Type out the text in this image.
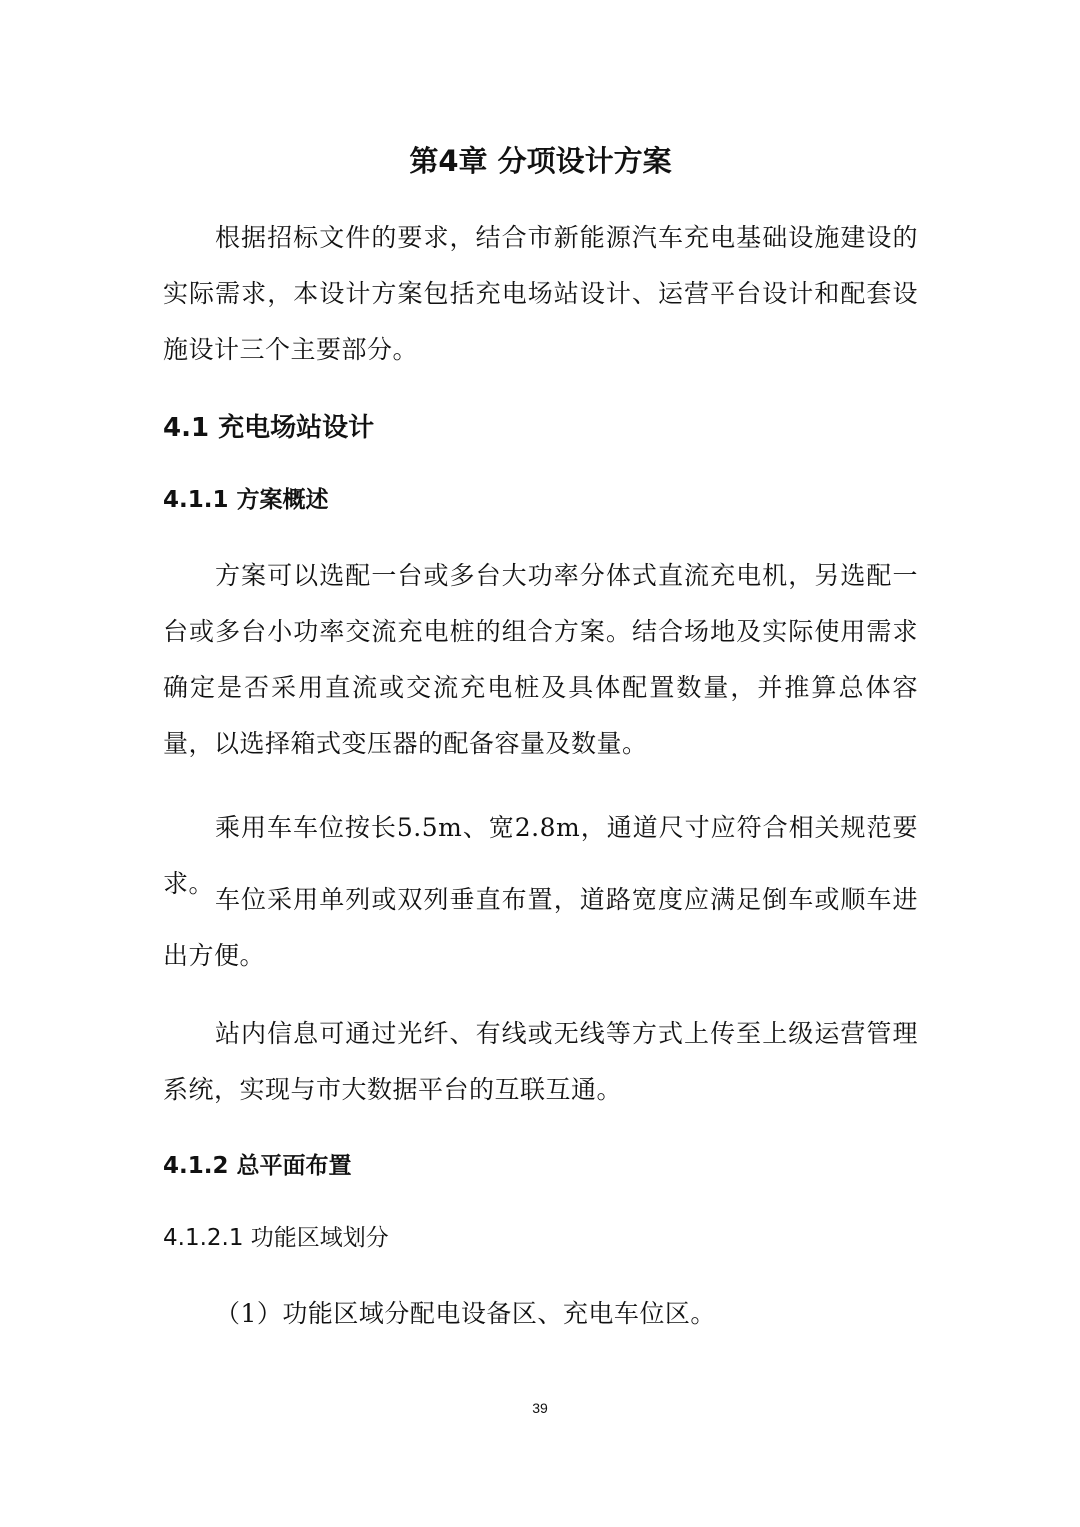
第4章 分项设计方案

根据招标文件的要求，结合市新能源汽车充电基础设施建设的实际需求，本设计方案包括充电场站设计、运营平台设计和配套设施设计三个主要部分。

4.1 充电场站设计
4.1.1 方案概述

方案可以选配一台或多台大功率分体式直流充电机，另选配一台或多台小功率交流充电桩的组合方案。结合场地及实际使用需求确定是否采用直流或交流充电桩及具体配置数量，并推算总体容量，以选择箱式变压器的配备容量及数量。

乘用车车位按长5.5m、宽2.8m，通道尺寸应符合相关规范要求。

车位采用单列或双列垂直布置，道路宽度应满足倒车或顺车进出方便。

站内信息可通过光纤、有线或无线等方式上传至上级运营管理系统，实现与市大数据平台的互联互通。

4.1.2 总平面布置
4.1.2.1 功能区域划分

（1）功能区域分配电设备区、充电车位区。

39
